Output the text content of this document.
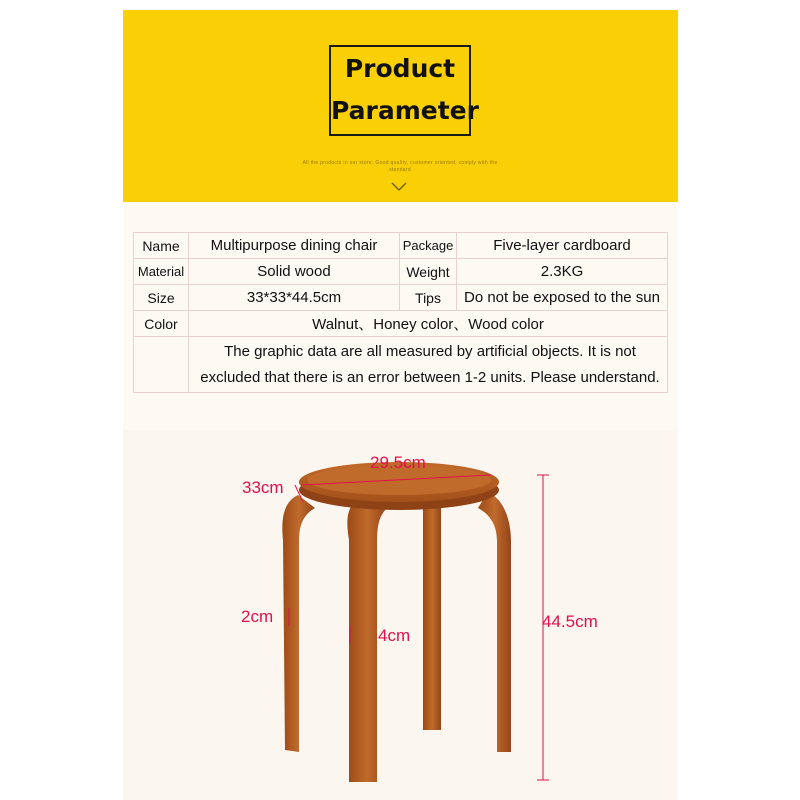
Product
Parameter
All the products in our store: Good quality, customer oriented, comply with the standard
Name	Multipurpose dining chair	Package	Five-layer cardboard
Material	Solid wood	Weight	2.3KG
Size	33*33*44.5cm	Tips	Do not be exposed to the sun
Color	Walnut、Honey color、Wood color		

	The graphic data are all measured by artificial objects. It is not
excluded that there is an error between 1-2 units. Please understand.		
29.5cm
33cm
2cm
4cm
44.5cm
